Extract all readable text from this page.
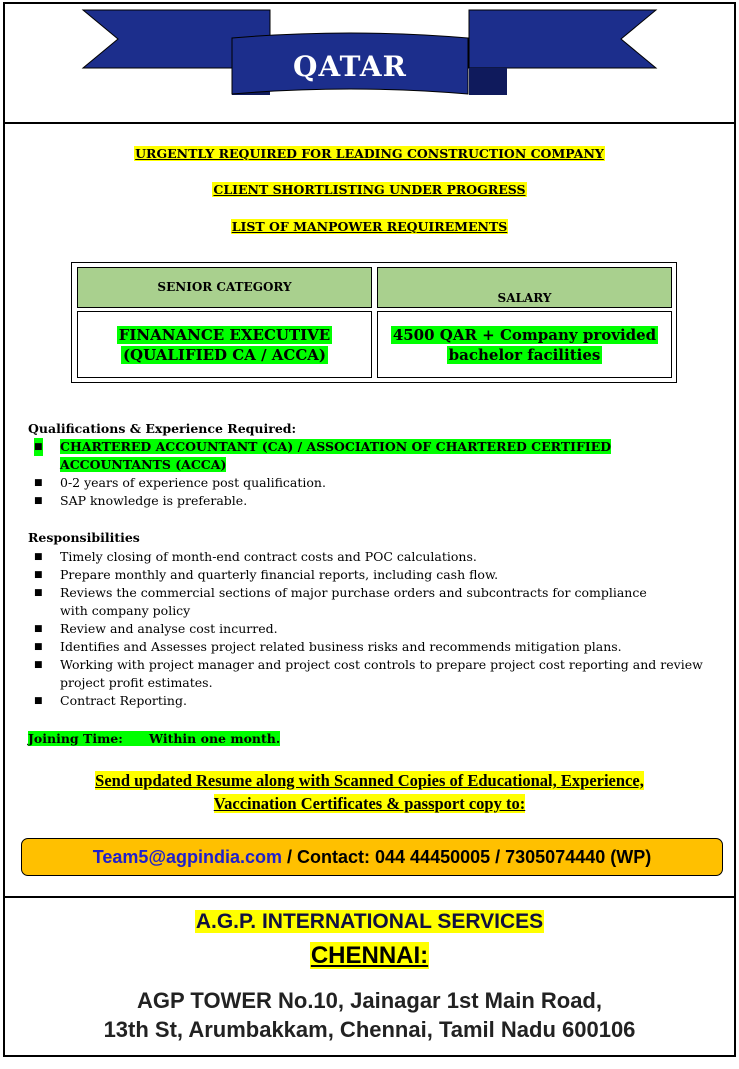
QATAR
URGENTLY REQUIRED FOR LEADING CONSTRUCTION COMPANY
CLIENT SHORTLISTING UNDER PROGRESS
LIST OF MANPOWER REQUIREMENTS
SENIOR CATEGORY
SALARY
FINANANCE EXECUTIVE
(QUALIFIED CA / ACCA)
4500 QAR + Company provided
bachelor facilities
Qualifications & Experience Required:
■ CHARTERED ACCOUNTANT (CA) / ASSOCIATION OF CHARTERED CERTIFIED ACCOUNTANTS (ACCA)
■ 0-2 years of experience post qualification.
■ SAP knowledge is preferable.
Responsibilities
■ Timely closing of month-end contract costs and POC calculations.
■ Prepare monthly and quarterly financial reports, including cash flow.
■ Reviews the commercial sections of major purchase orders and subcontracts for compliance with company policy
■ Review and analyse cost incurred.
■ Identifies and Assesses project related business risks and recommends mitigation plans.
■ Working with project manager and project cost controls to prepare project cost reporting and review project profit estimates.
■ Contract Reporting.
Joining Time: Within one month.
Send updated Resume along with Scanned Copies of Educational, Experience,
Vaccination Certificates & passport copy to:
Team5@agpindia.com / Contact: 044 44450005 / 7305074440 (WP)
A.G.P. INTERNATIONAL SERVICES
CHENNAI:
AGP TOWER No.10, Jainagar 1st Main Road,
13th St, Arumbakkam, Chennai, Tamil Nadu 600106
